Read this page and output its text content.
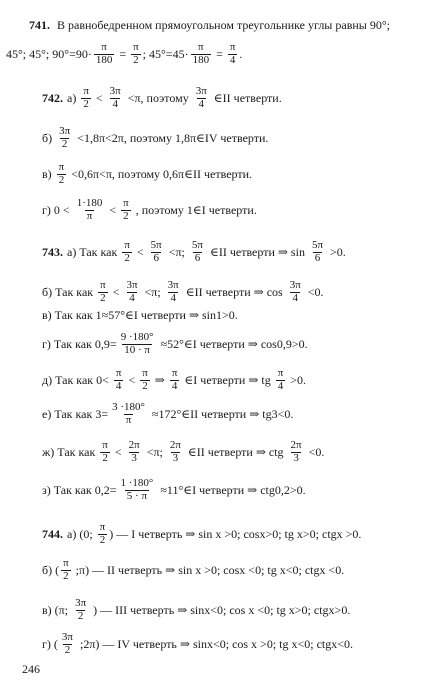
741. В равнобедренном прямоугольном треугольнике углы равны 90°;
45°; 45°; $90^\circ=90\cdot \frac{\pi}{180} = \frac{\pi}{2}$ ; $45^\circ=45\cdot \frac{\pi}{180} = \frac{\pi}{4}$ .
742. $а) \frac{\pi}{2} < \frac{3\pi}{4} <\pi$, поэтому $\frac{3\pi}{4}$ ∈II четверти.
$б) \frac{3\pi}{2} <1,8\pi<2\pi$, поэтому 1,8π∈IV четверти.
$в) \frac{\pi}{2} <0,6\pi<\pi$, поэтому 0,6π∈II четверти.
г) $0 < \frac{1\cdot 180}{\pi} < \frac{\pi}{2}$ , поэтому 1∈I четверти.
743. а) Так как $\frac{\pi}{2} < \frac{5\pi}{6} <\pi$; $\frac{5\pi}{6}$ ∈II четверти ⇒ $\sin \frac{5\pi}{6} >0$.
б) Так как $\frac{\pi}{2} < \frac{3\pi}{4} <\pi$; $\frac{3\pi}{4}$ ∈II четверти ⇒ $\cos \frac{3\pi}{4} <0$.
в) Так как 1≈57°∈I четверти ⇒ sin1>0.
г) Так как $0,9= \frac{9 \cdot 180^\circ}{10 \cdot \pi}$ ≈52°∈I четверти ⇒ cos0,9>0.
д) Так как $0< \frac{\pi}{4} < \frac{\pi}{2}$ ⇒ $\frac{\pi}{4}$ ∈I четверти ⇒ tg $\frac{\pi}{4} >0$.
е) Так как $3= \frac{3 \cdot 180^\circ}{\pi}$ ≈172°∈II четверти ⇒ tg3<0.
ж) Так как $\frac{\pi}{2} < \frac{2\pi}{3} <\pi$; $\frac{2\pi}{3}$ ∈II четверти ⇒ ctg $\frac{2\pi}{3} <0$.
з) Так как $0,2= \frac{1 \cdot 180^\circ}{5 \cdot \pi}$ ≈11°∈I четверти ⇒ ctg0,2>0.
744. а) (0; $\frac{\pi}{2}$ ) — I четверть ⇒ sin x >0; cosx>0; tg x>0; ctgx >0.
б) ( $\frac{\pi}{2}$ ;π) — II четверть ⇒ sin x >0; cosx <0; tg x<0; ctgx <0.
в) (π; $\frac{3\pi}{2}$ ) — III четверть ⇒ sinx<0; cos x <0; tg x>0; ctgx>0.
г) ( $\frac{3\pi}{2}$ ;2π) — IV четверть ⇒ sinx<0; cos x >0; tg x<0; ctgx<0.
246
